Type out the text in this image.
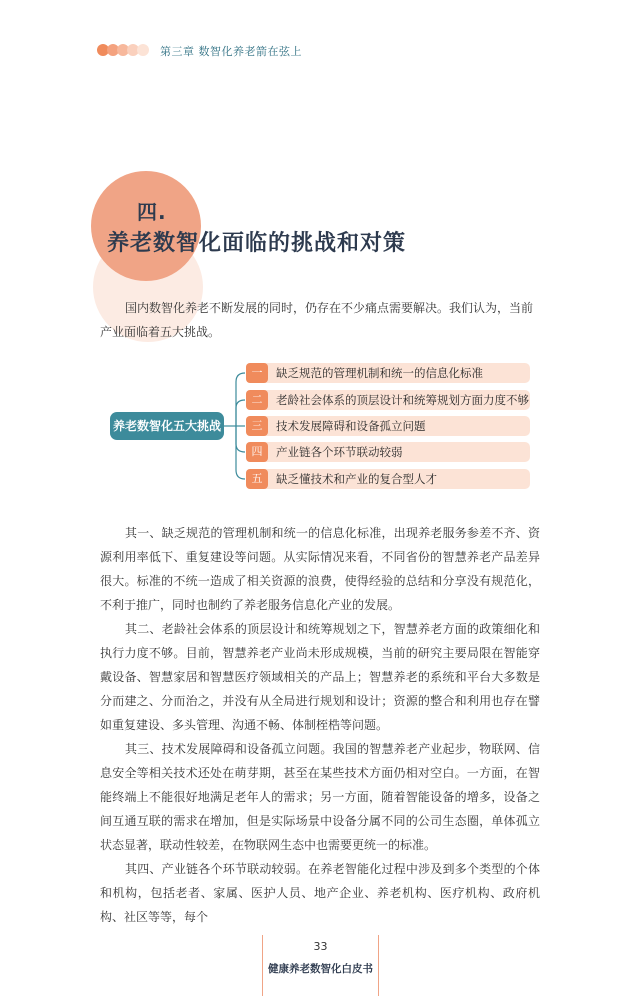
第三章 数智化养老箭在弦上
四.
养老数智化面临的挑战和对策
国内数智化养老不断发展的同时，仍存在不少痛点需要解决。我们认为，当前产业面临着五大挑战。
养老数智化五大挑战
一	缺乏规范的管理机制和统一的信息化标准
二	老龄社会体系的顶层设计和统筹规划方面力度不够
三	技术发展障碍和设备孤立问题
四	产业链各个环节联动较弱
五	缺乏懂技术和产业的复合型人才

其一、缺乏规范的管理机制和统一的信息化标准，出现养老服务参差不齐、资源利用率低下、重复建设等问题。从实际情况来看，不同省份的智慧养老产品差异很大。标准的不统一造成了相关资源的浪费，使得经验的总结和分享没有规范化，不利于推广，同时也制约了养老服务信息化产业的发展。

其二、老龄社会体系的顶层设计和统筹规划之下，智慧养老方面的政策细化和执行力度不够。目前，智慧养老产业尚未形成规模，当前的研究主要局限在智能穿戴设备、智慧家居和智慧医疗领域相关的产品上；智慧养老的系统和平台大多数是分而建之、分而治之，并没有从全局进行规划和设计；资源的整合和利用也存在譬如重复建设、多头管理、沟通不畅、体制桎梏等问题。

其三、技术发展障碍和设备孤立问题。我国的智慧养老产业起步，物联网、信息安全等相关技术还处在萌芽期，甚至在某些技术方面仍相对空白。一方面，在智能终端上不能很好地满足老年人的需求；另一方面，随着智能设备的增多，设备之间互通互联的需求在增加，但是实际场景中设备分属不同的公司生态圈，单体孤立状态显著，联动性较差，在物联网生态中也需要更统一的标准。

其四、产业链各个环节联动较弱。在养老智能化过程中涉及到多个类型的个体和机构，包括老者、家属、医护人员、地产企业、养老机构、医疗机构、政府机构、社区等等，每个

33
健康养老数智化白皮书
